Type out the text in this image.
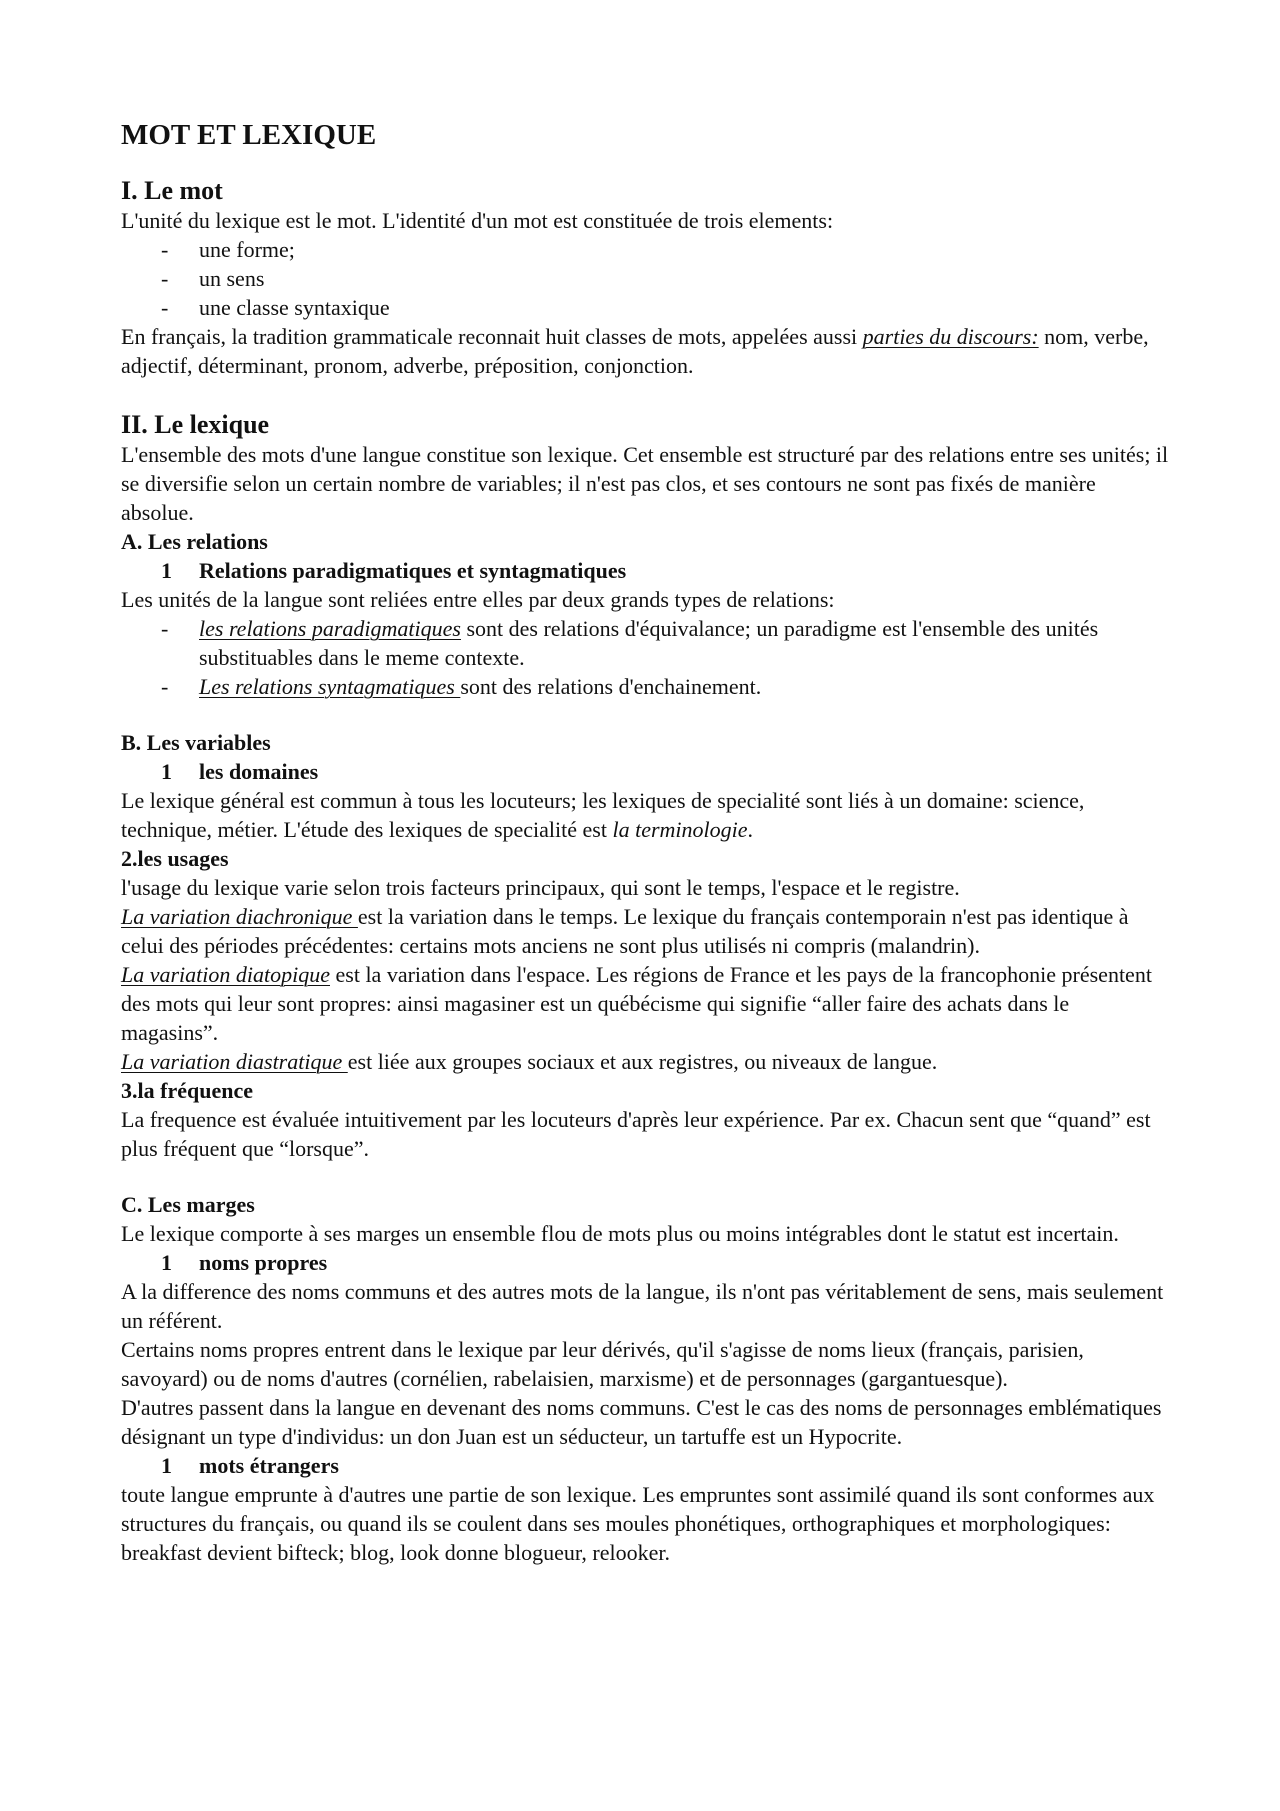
MOT ET LEXIQUE
I. Le mot

L'unité du lexique est le mot. L'identité d'un mot est constituée de trois elements:

- une forme;
- un sens
- une classe syntaxique

En français, la tradition grammaticale reconnait huit classes de mots, appelées aussi parties du discours: nom, verbe, adjectif, déterminant, pronom, adverbe, préposition, conjonction.

II. Le lexique

L'ensemble des mots d'une langue constitue son lexique. Cet ensemble est structuré par des relations entre ses unités; il se diversifie selon un certain nombre de variables; il n'est pas clos, et ses contours ne sont pas fixés de manière absolue.

A. Les relations
1 Relations paradigmatiques et syntagmatiques

Les unités de la langue sont reliées entre elles par deux grands types de relations:

- les relations paradigmatiques sont des relations d'équivalance; un paradigme est l'ensemble des unités substituables dans le meme contexte.
- Les relations syntagmatiques sont des relations d'enchainement.
B. Les variables
1 les domaines

Le lexique général est commun à tous les locuteurs; les lexiques de specialité sont liés à un domaine: science, technique, métier. L'étude des lexiques de specialité est la terminologie.

2.les usages

l'usage du lexique varie selon trois facteurs principaux, qui sont le temps, l'espace et le registre.

La variation diachronique est la variation dans le temps. Le lexique du français contemporain n'est pas identique à celui des périodes précédentes: certains mots anciens ne sont plus utilisés ni compris (malandrin).

La variation diatopique est la variation dans l'espace. Les régions de France et les pays de la francophonie présentent des mots qui leur sont propres: ainsi magasiner est un québécisme qui signifie “aller faire des achats dans le magasins”.

La variation diastratique est liée aux groupes sociaux et aux registres, ou niveaux de langue.

3.la fréquence

La frequence est évaluée intuitivement par les locuteurs d'après leur expérience. Par ex. Chacun sent que “quand” est plus fréquent que “lorsque”.

C. Les marges

Le lexique comporte à ses marges un ensemble flou de mots plus ou moins intégrables dont le statut est incertain.

1 noms propres

A la difference des noms communs et des autres mots de la langue, ils n'ont pas véritablement de sens, mais seulement un référent.

Certains noms propres entrent dans le lexique par leur dérivés, qu'il s'agisse de noms lieux (français, parisien, savoyard) ou de noms d'autres (cornélien, rabelaisien, marxisme) et de personnages (gargantuesque).

D'autres passent dans la langue en devenant des noms communs. C'est le cas des noms de personnages emblématiques désignant un type d'individus: un don Juan est un séducteur, un tartuffe est un Hypocrite.

1 mots étrangers

toute langue emprunte à d'autres une partie de son lexique. Les empruntes sont assimilé quand ils sont conformes aux structures du français, ou quand ils se coulent dans ses moules phonétiques, orthographiques et morphologiques: breakfast devient bifteck; blog, look donne blogueur, relooker.
